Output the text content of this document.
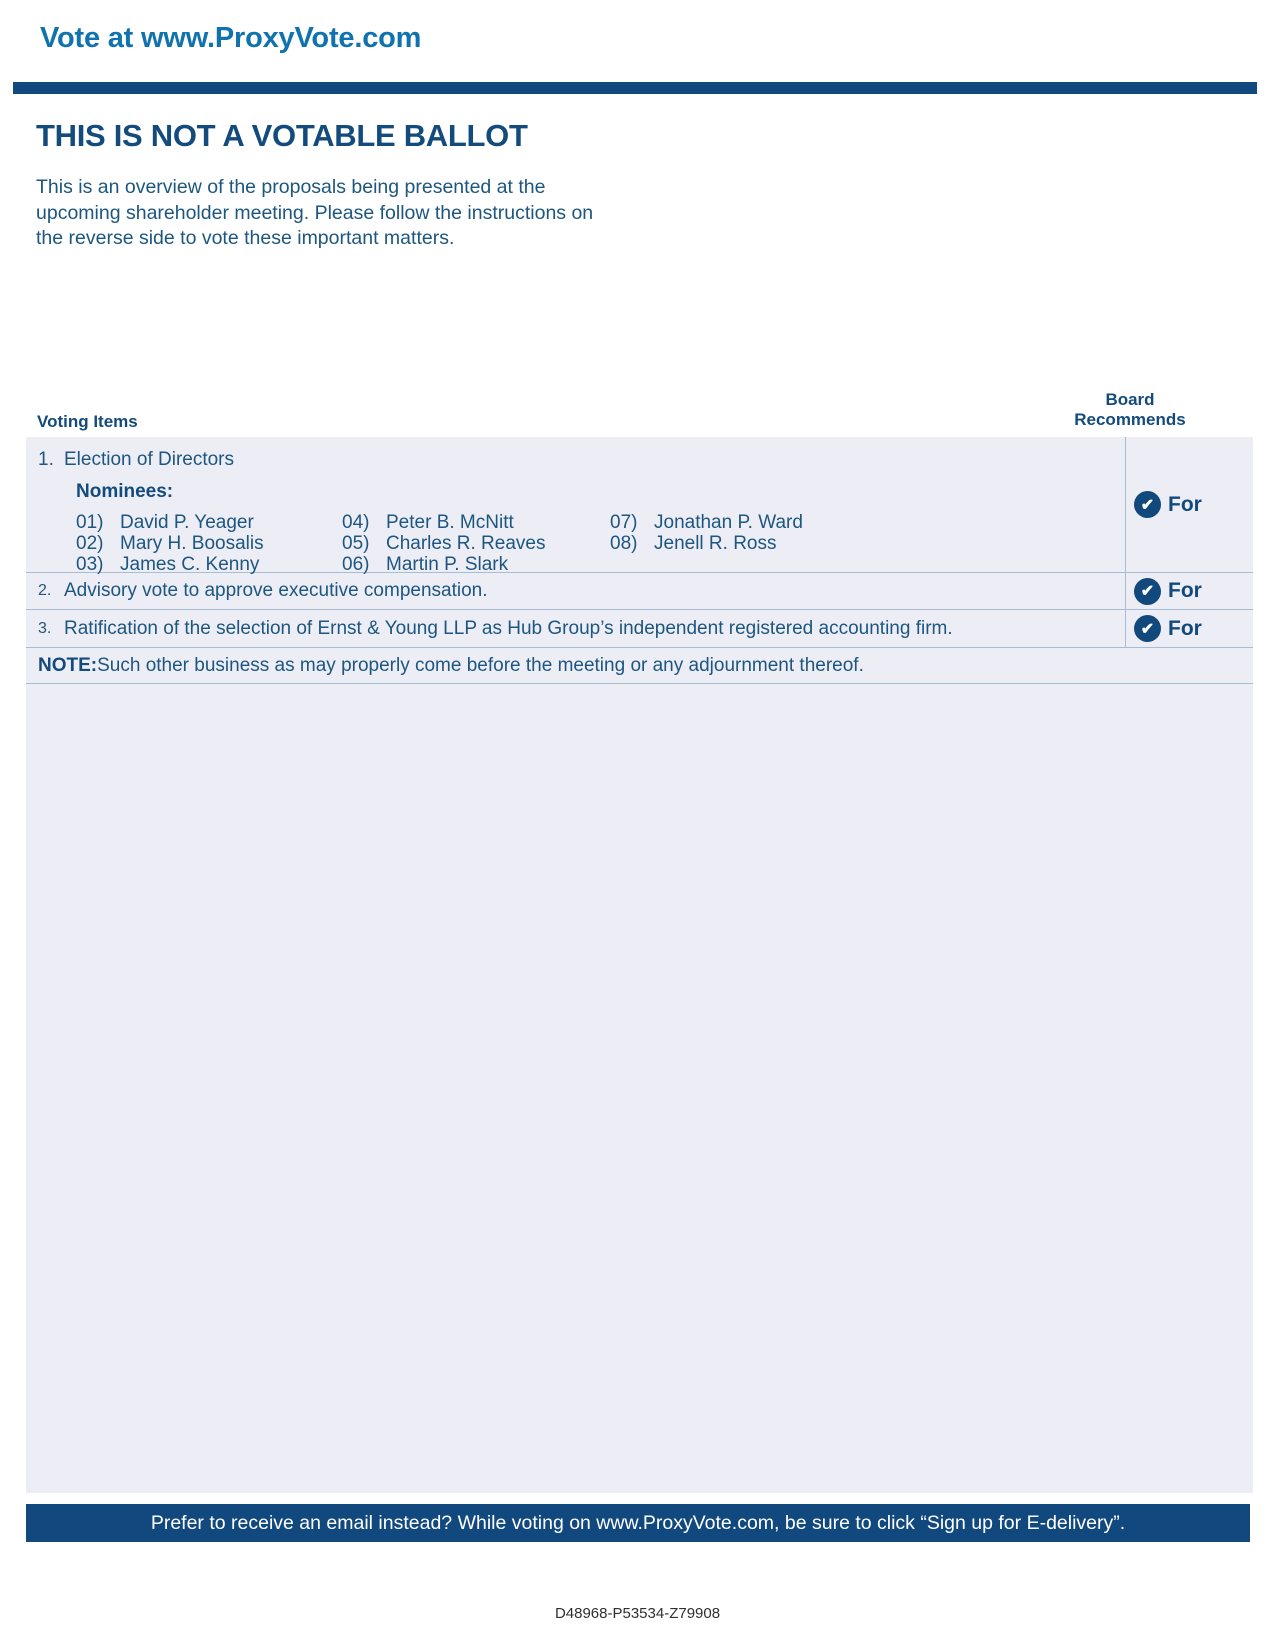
Vote at www.ProxyVote.com
THIS IS NOT A VOTABLE BALLOT
This is an overview of the proposals being presented at the upcoming shareholder meeting. Please follow the instructions on the reverse side to vote these important matters.
Voting Items
Board
Recommends
1. Election of Directors
Nominees:
01) David P. Yeager
02) Mary H. Boosalis
03) James C. Kenny
04) Peter B. McNitt
05) Charles R. Reaves
06) Martin P. Slark
07) Jonathan P. Ward
08) Jenell R. Ross
✔ For
2. Advisory vote to approve executive compensation.	✔ For
3. Ratification of the selection of Ernst & Young LLP as Hub Group’s independent registered accounting firm.	✔ For
NOTE: Such other business as may properly come before the meeting or any adjournment thereof.
Prefer to receive an email instead? While voting on www.ProxyVote.com, be sure to click “Sign up for E-delivery”.
D48968-P53534-Z79908
